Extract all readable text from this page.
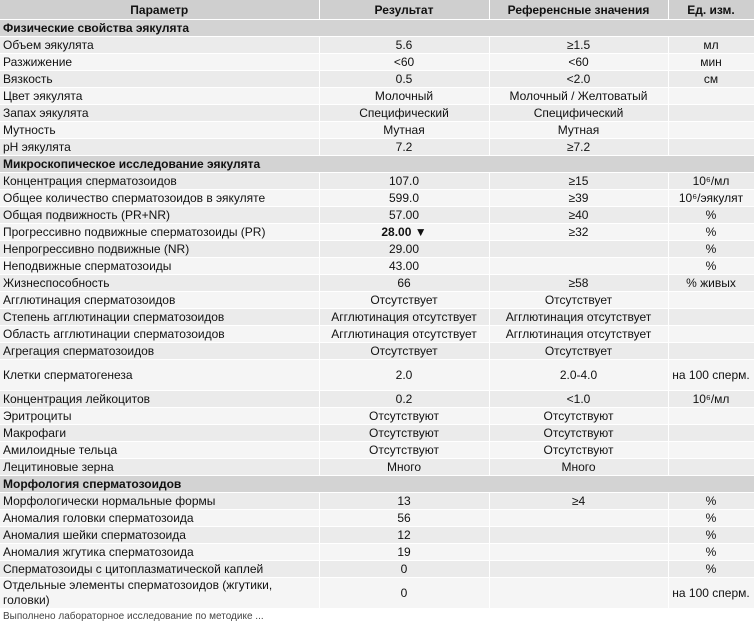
Параметр	Результат	Референсные значения	Ед. изм.
Физические свойства эякулята			
Объем эякулята	5.6	≥1.5	мл
Разжижение	<60	<60	мин
Вязкость	0.5	<2.0	см
Цвет эякулята	Молочный	Молочный / Желтоватый	
Запах эякулята	Специфический	Специфический	
Мутность	Мутная	Мутная	
pH эякулята	7.2	≥7.2	
Микроскопическое исследование эякулята			
Концентрация сперматозоидов	107.0	≥15	10⁶/мл
Общее количество сперматозоидов в эякуляте	599.0	≥39	10⁶/эякулят
Общая подвижность (PR+NR)	57.00	≥40	%
Прогрессивно подвижные сперматозоиды (PR)	28.00 ▼	≥32	%
Непрогрессивно подвижные (NR)	29.00		%
Неподвижные сперматозоиды	43.00		%
Жизнеспособность	66	≥58	% живых
Агглютинация сперматозоидов	Отсутствует	Отсутствует	
Степень агглютинации сперматозоидов	Агглютинация отсутствует	Агглютинация отсутствует	
Область агглютинации сперматозоидов	Агглютинация отсутствует	Агглютинация отсутствует	
Агрегация сперматозоидов	Отсутствует	Отсутствует	
Клетки сперматогенеза	2.0	2.0-4.0	на 100 сперм.
Концентрация лейкоцитов	0.2	<1.0	10⁶/мл
Эритроциты	Отсутствуют	Отсутствуют	
Макрофаги	Отсутствуют	Отсутствуют	
Амилоидные тельца	Отсутствуют	Отсутствуют	
Лецитиновые зерна	Много	Много	
Морфология сперматозоидов			
Морфологически нормальные формы	13	≥4	%
Аномалия головки сперматозоида	56		%
Аномалия шейки сперматозоида	12		%
Аномалия жгутика сперматозоида	19		%
Сперматозоиды с цитоплазматической каплей	0		%
Отдельные элементы сперматозоидов (жгутики, головки)	0		на 100 сперм.
Выполнено лабораторное исследование по методике ...
